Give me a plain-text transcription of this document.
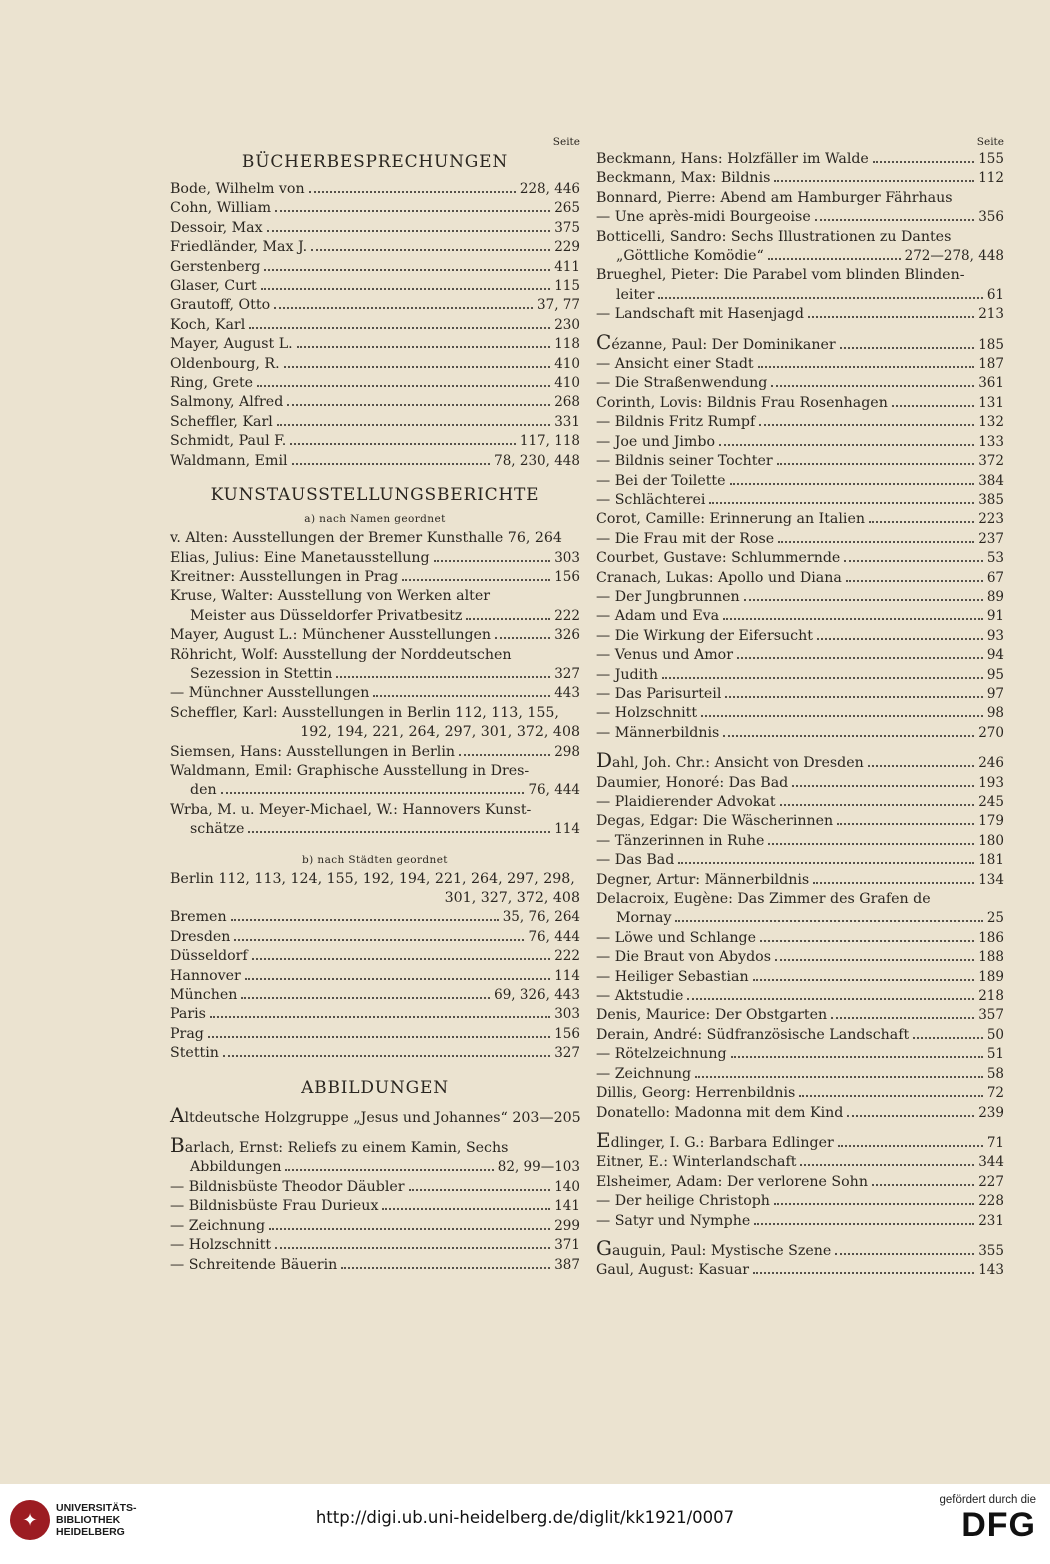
Seite
BÜCHERBESPRECHUNGEN
Bode, Wilhelm von	228, 446
Cohn, William	265
Dessoir, Max	375
Friedländer, Max J.	229
Gerstenberg	411
Glaser, Curt	115
Grautoff, Otto	37, 77
Koch, Karl	230
Mayer, August L.	118
Oldenbourg, R.	410
Ring, Grete	410
Salmony, Alfred	268
Scheffler, Karl	331
Schmidt, Paul F.	117, 118
Waldmann, Emil	78, 230, 448
KUNSTAUSSTELLUNGSBERICHTE
a) nach Namen geordnet
v. Alten: Ausstellungen der Bremer Kunsthalle 76, 264
Elias, Julius: Eine Manetausstellung	303
Kreitner: Ausstellungen in Prag	156
Kruse, Walter: Ausstellung von Werken alter
Meister aus Düsseldorfer Privatbesitz	222
Mayer, August L.: Münchener Ausstellungen	326
Röhricht, Wolf: Ausstellung der Norddeutschen
Sezession in Stettin	327
— Münchner Ausstellungen	443
Scheffler, Karl: Ausstellungen in Berlin 112, 113, 155,
192, 194, 221, 264, 297, 301, 372, 408
Siemsen, Hans: Ausstellungen in Berlin	298
Waldmann, Emil: Graphische Ausstellung in Dres-
den	76, 444
Wrba, M. u. Meyer-Michael, W.: Hannovers Kunst-
schätze	114
b) nach Städten geordnet
Berlin 112, 113, 124, 155, 192, 194, 221, 264, 297, 298,
301, 327, 372, 408
Bremen	35, 76, 264
Dresden	76, 444
Düsseldorf	222
Hannover	114
München	69, 326, 443
Paris	303
Prag	156
Stettin	327
ABBILDUNGEN
Altdeutsche Holzgruppe „Jesus und Johannes“ 203—205
Barlach, Ernst: Reliefs zu einem Kamin, Sechs
Abbildungen	82, 99—103
— Bildnisbüste Theodor Däubler	140
— Bildnisbüste Frau Durieux	141
— Zeichnung	299
— Holzschnitt	371
— Schreitende Bäuerin	387
Seite
Beckmann, Hans: Holzfäller im Walde	155
Beckmann, Max: Bildnis	112
Bonnard, Pierre: Abend am Hamburger Fährhaus
— Une après-midi Bourgeoise	356
Botticelli, Sandro: Sechs Illustrationen zu Dantes
„Göttliche Komödie“	272—278, 448
Brueghel, Pieter: Die Parabel vom blinden Blinden-
leiter	61
— Landschaft mit Hasenjagd	213
Cézanne, Paul: Der Dominikaner	185
— Ansicht einer Stadt	187
— Die Straßenwendung	361
Corinth, Lovis: Bildnis Frau Rosenhagen	131
— Bildnis Fritz Rumpf	132
— Joe und Jimbo	133
— Bildnis seiner Tochter	372
— Bei der Toilette	384
— Schlächterei	385
Corot, Camille: Erinnerung an Italien	223
— Die Frau mit der Rose	237
Courbet, Gustave: Schlummernde	53
Cranach, Lukas: Apollo und Diana	67
— Der Jungbrunnen	89
— Adam und Eva	91
— Die Wirkung der Eifersucht	93
— Venus und Amor	94
— Judith	95
— Das Parisurteil	97
— Holzschnitt	98
— Männerbildnis	270
Dahl, Joh. Chr.: Ansicht von Dresden	246
Daumier, Honoré: Das Bad	193
— Plaidierender Advokat	245
Degas, Edgar: Die Wäscherinnen	179
— Tänzerinnen in Ruhe	180
— Das Bad	181
Degner, Artur: Männerbildnis	134
Delacroix, Eugène: Das Zimmer des Grafen de
Mornay	25
— Löwe und Schlange	186
— Die Braut von Abydos	188
— Heiliger Sebastian	189
— Aktstudie	218
Denis, Maurice: Der Obstgarten	357
Derain, André: Südfranzösische Landschaft	50
— Rötelzeichnung	51
— Zeichnung	58
Dillis, Georg: Herrenbildnis	72
Donatello: Madonna mit dem Kind	239
Edlinger, I. G.: Barbara Edlinger	71
Eitner, E.: Winterlandschaft	344
Elsheimer, Adam: Der verlorene Sohn	227
— Der heilige Christoph	228
— Satyr und Nymphe	231
Gauguin, Paul: Mystische Szene	355
Gaul, August: Kasuar	143
✦
UNIVERSITÄTS-
BIBLIOTHEK
HEIDELBERG
http://digi.ub.uni-heidelberg.de/diglit/kk1921/0007
gefördert durch die
DFG
